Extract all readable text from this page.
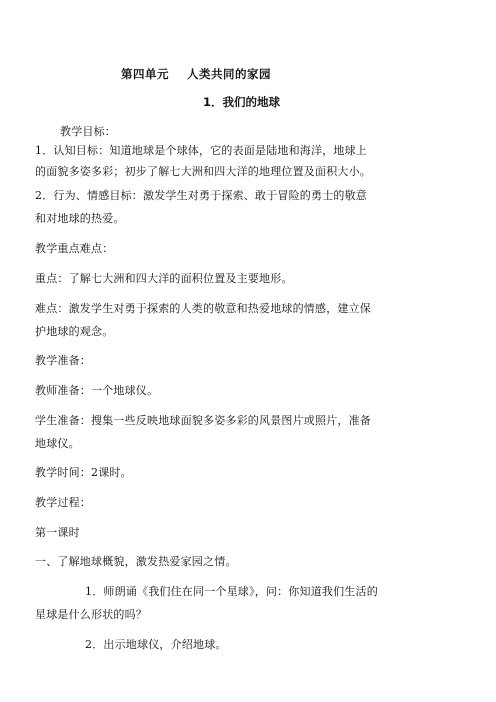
第四单元 人类共同的家园
1．我们的地球
教学目标：
1．认知目标：知道地球是个球体，它的表面是陆地和海洋，地球上
的面貌多姿多彩；初步了解七大洲和四大洋的地理位置及面积大小。
2．行为、情感目标：激发学生对勇于探索、敢于冒险的勇士的敬意
和对地球的热爱。
教学重点难点：
重点：了解七大洲和四大洋的面积位置及主要地形。
难点：激发学生对勇于探索的人类的敬意和热爱地球的情感，建立保
护地球的观念。
教学准备：
教师准备：一个地球仪。
学生准备：搜集一些反映地球面貌多姿多彩的风景图片或照片，准备
地球仪。
教学时间：2课时。
教学过程：
第一课时
一、了解地球概貌，激发热爱家园之情。
1．师朗诵《我们住在同一个星球》，问：你知道我们生活的
星球是什么形状的吗？
2．出示地球仪，介绍地球。
